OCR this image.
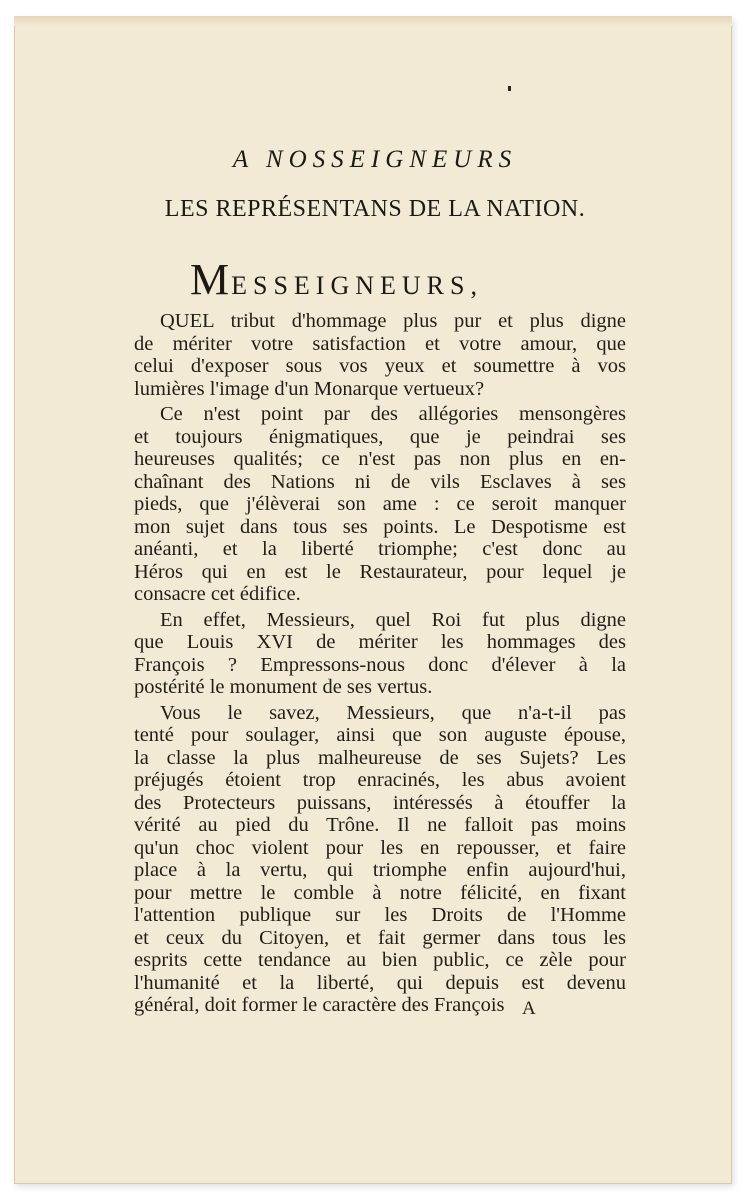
A NOSSEIGNEURS
LES REPRÉSENTANS DE LA NATION.
MESSEIGNEURS,
QUEL tribut d'hommage plus pur et plus digne
de mériter votre satisfaction et votre amour, que
celui d'exposer sous vos yeux et soumettre à vos
lumières l'image d'un Monarque vertueux?
Ce n'est point par des allégories mensongères
et toujours énigmatiques, que je peindrai ses
heureuses qualités; ce n'est pas non plus en en-
chaînant des Nations ni de vils Esclaves à ses
pieds, que j'élèverai son ame : ce seroit manquer
mon sujet dans tous ses points. Le Despotisme est
anéanti, et la liberté triomphe; c'est donc au
Héros qui en est le Restaurateur, pour lequel je
consacre cet édifice.
En effet, Messieurs, quel Roi fut plus digne
que Louis XVI de mériter les hommages des
François ? Empressons-nous donc d'élever à la
postérité le monument de ses vertus.
Vous le savez, Messieurs, que n'a-t-il pas
tenté pour soulager, ainsi que son auguste épouse,
la classe la plus malheureuse de ses Sujets? Les
préjugés étoient trop enracinés, les abus avoient
des Protecteurs puissans, intéressés à étouffer la
vérité au pied du Trône. Il ne falloit pas moins
qu'un choc violent pour les en repousser, et faire
place à la vertu, qui triomphe enfin aujourd'hui,
pour mettre le comble à notre félicité, en fixant
l'attention publique sur les Droits de l'Homme
et ceux du Citoyen, et fait germer dans tous les
esprits cette tendance au bien public, ce zèle pour
l'humanité et la liberté, qui depuis est devenu
général, doit former le caractère des François A
